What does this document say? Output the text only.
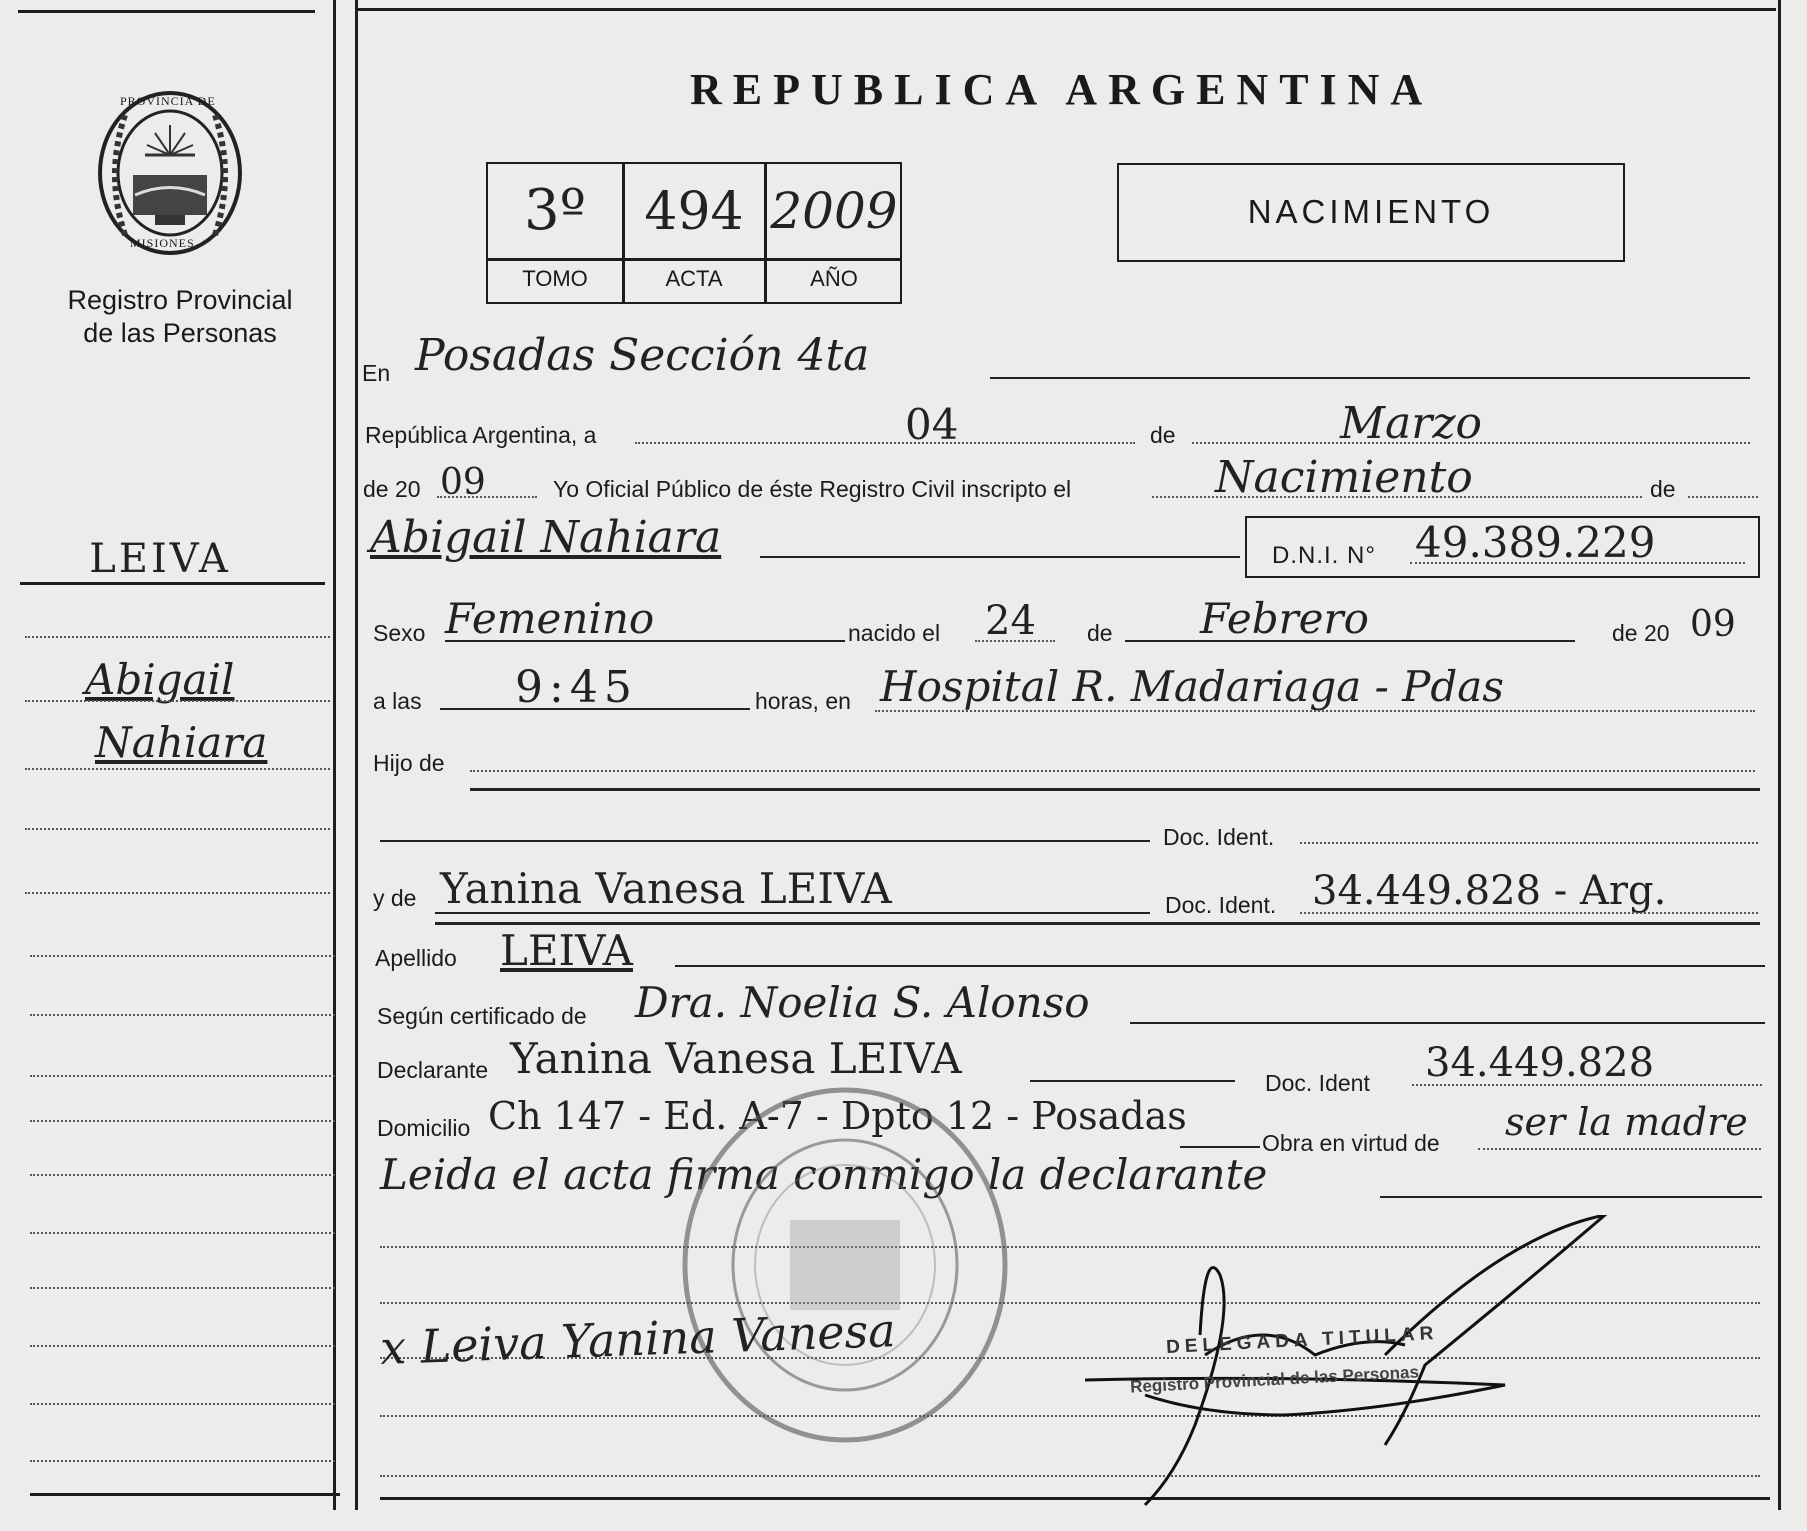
PROVINCIA DE
MISIONES
Registro Provincial
de las Personas
REPUBLICA ARGENTINA
3º	494 2009
TOMO	ACTA	AÑO
NACIMIENTO
LEIVA
Abigail
Nahiara
En Posadas Sección 4ta
República Argentina, a	04	de	Marzo
de 20 09	Yo Oficial Público de éste Registro Civil inscripto el	Nacimiento	de
Abigail Nahiara	D.N.I. N° 49.389.229
Sexo Femenino	nacido el 24 de Febrero	de 20 09
a las 9:45	horas, en Hospital R. Madariaga - Pdas
Hijo de
Doc. Ident.
y de Yanina Vanesa LEIVA	Doc. Ident. 34.449.828 - Arg.
Apellido LEIVA
Según certificado de Dra. Noelia S. Alonso
Declarante Yanina Vanesa LEIVA	Doc. Ident 34.449.828
Domicilio Ch 147 - Ed. A-7 - Dpto 12 - Posadas
Obra en virtud de ser la madre
Leida el acta firma conmigo la declarante
x Leiva Yanina Vanesa	DELEGADA TITULAR
Registro Provincial de las Personas
